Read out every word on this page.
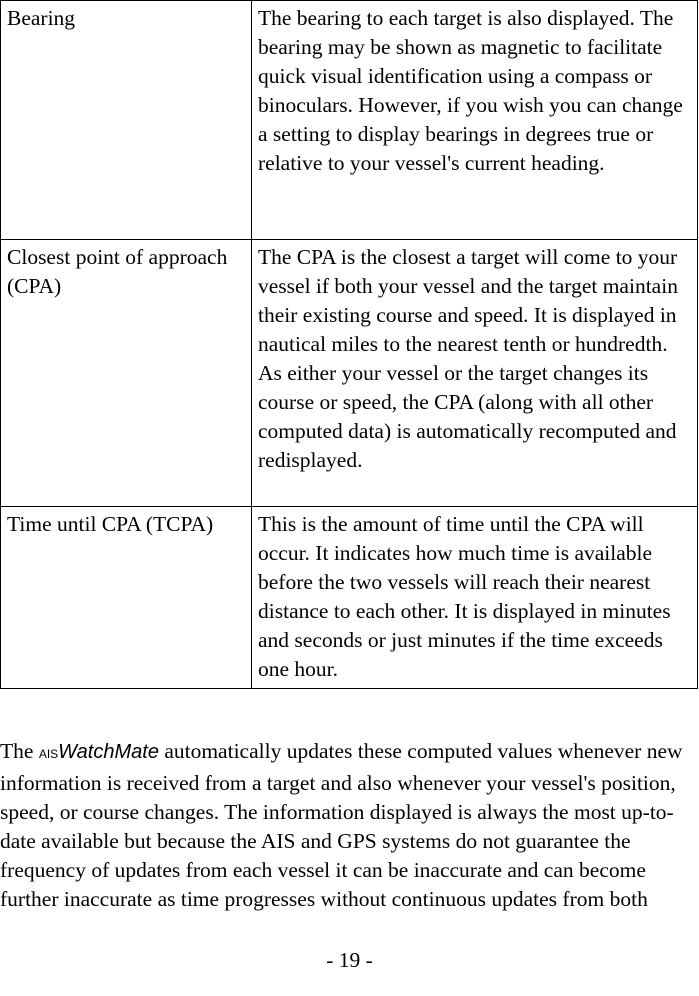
Bearing	The bearing to each target is also displayed. The bearing may be shown as magnetic to facilitate quick visual identification using a compass or binoculars. However, if you wish you can change a setting to display bearings in degrees true or relative to your vessel's current heading.
Closest point of approach (CPA)	The CPA is the closest a target will come to your vessel if both your vessel and the target maintain their existing course and speed. It is displayed in nautical miles to the nearest tenth or hundredth. As either your vessel or the target changes its course or speed, the CPA (along with all other computed data) is automatically recomputed and redisplayed.
Time until CPA (TCPA)	This is the amount of time until the CPA will occur. It indicates how much time is available before the two vessels will reach their nearest distance to each other. It is displayed in minutes and seconds or just minutes if the time exceeds one hour.

The AISWatchMate automatically updates these computed values whenever new information is received from a target and also whenever your vessel's position, speed, or course changes. The information displayed is always the most up-to-date available but because the AIS and GPS systems do not guarantee the frequency of updates from each vessel it can be inaccurate and can become further inaccurate as time progresses without continuous updates from both

- 19 -
